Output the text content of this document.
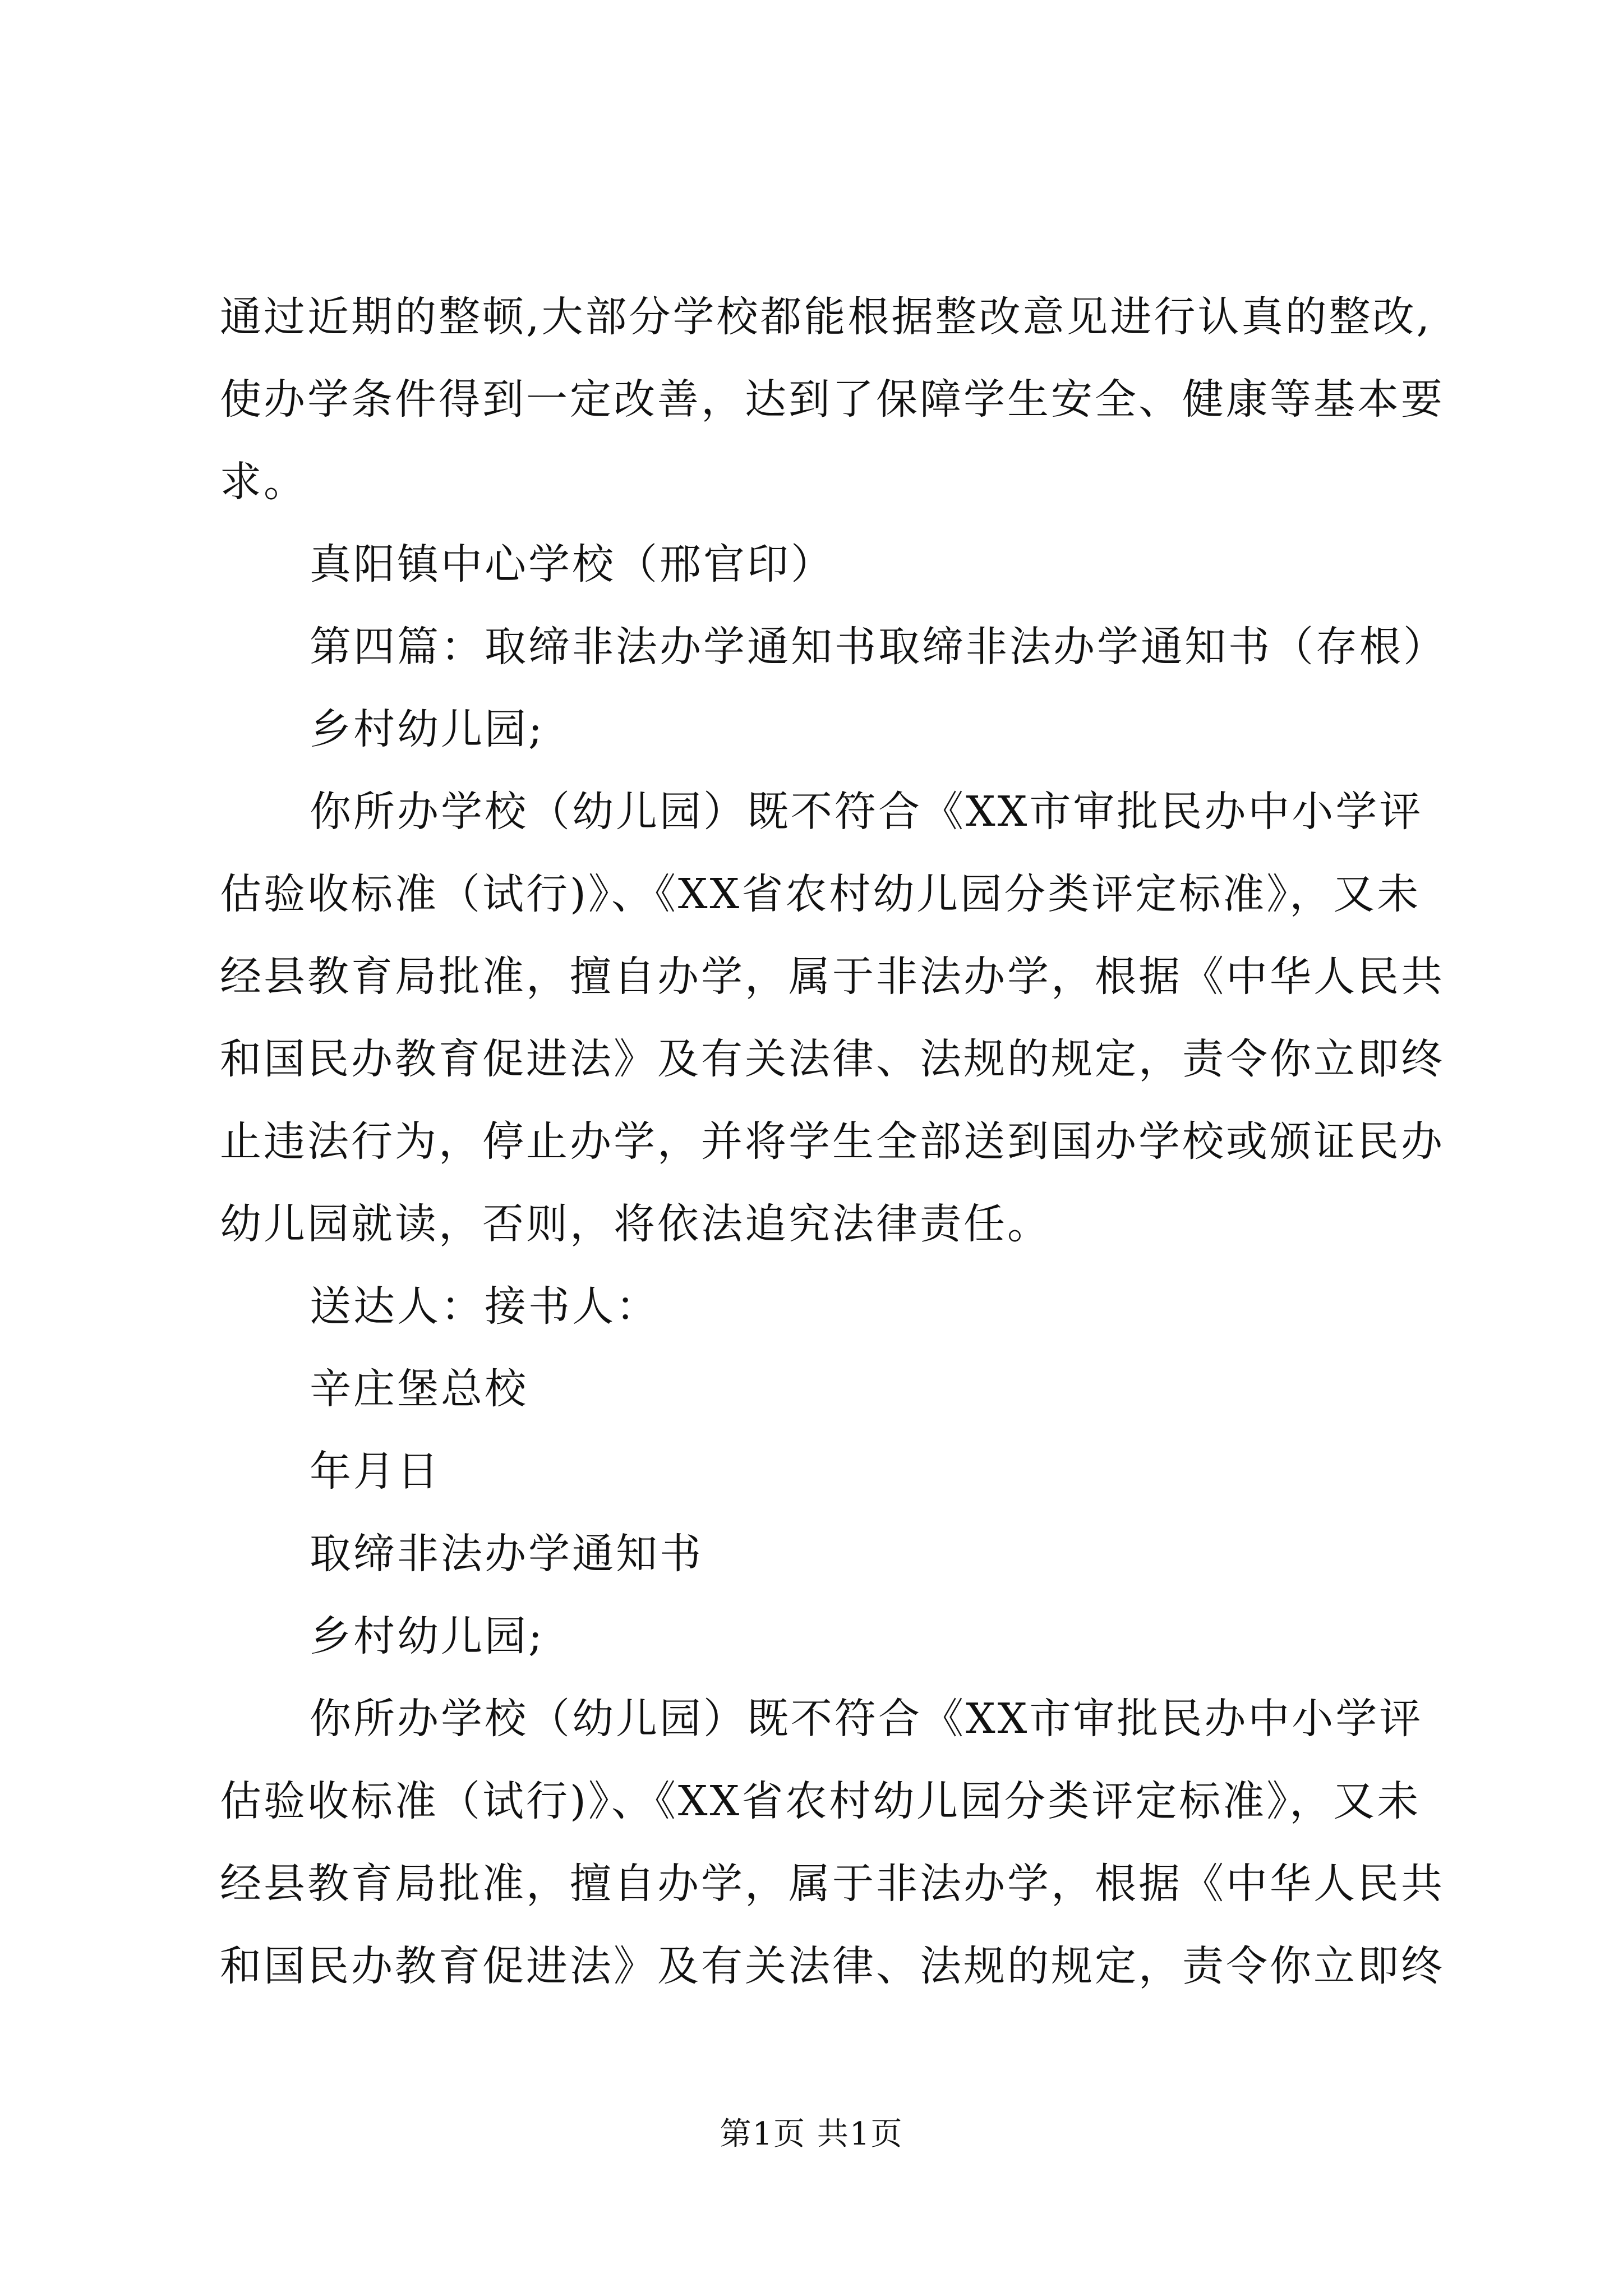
通过近期的整顿,大部分学校都能根据整改意见进行认真的整改,
使办学条件得到一定改善，达到了保障学生安全、健康等基本要
求。
真阳镇中心学校（邢官印）
第四篇：取缔非法办学通知书取缔非法办学通知书（存根）
乡村幼儿园;
你所办学校（幼儿园）既不符合《XX市审批民办中小学评
估验收标准（试行)》、《XX省农村幼儿园分类评定标准》，又未
经县教育局批准，擅自办学，属于非法办学，根据《中华人民共
和国民办教育促进法》及有关法律、法规的规定，责令你立即终
止违法行为，停止办学，并将学生全部送到国办学校或颁证民办
幼儿园就读，否则，将依法追究法律责任。
送达人：接书人：
辛庄堡总校
年月日
取缔非法办学通知书
乡村幼儿园;
你所办学校（幼儿园）既不符合《XX市审批民办中小学评
估验收标准（试行)》、《XX省农村幼儿园分类评定标准》，又未
经县教育局批准，擅自办学，属于非法办学，根据《中华人民共
和国民办教育促进法》及有关法律、法规的规定，责令你立即终
第1页 共1页
